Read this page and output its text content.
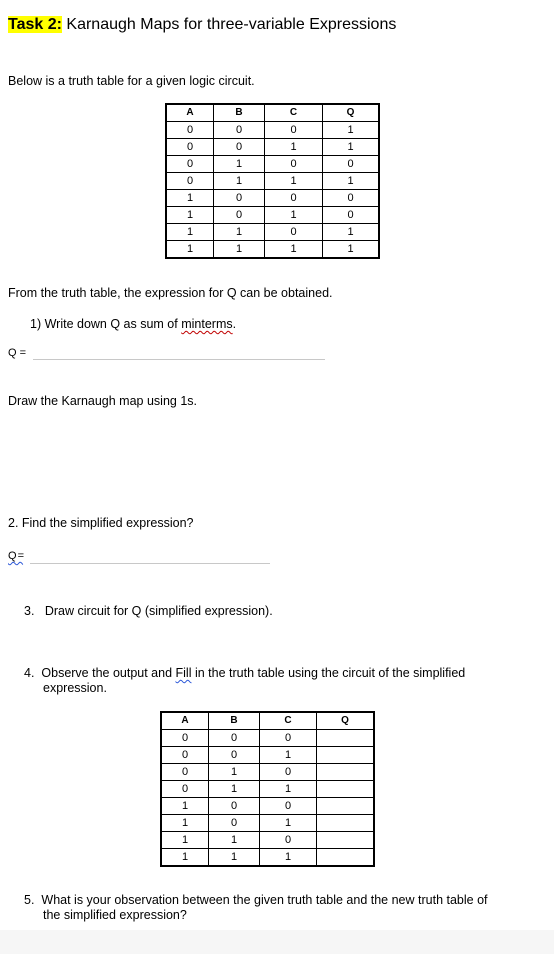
Task 2: Karnaugh Maps for three-variable Expressions
Below is a truth table for a given logic circuit.
A	B	C	Q
0	0	0	1
0	0	1	1
0	1	0	0
0	1	1	1
1	0	0	0
1	0	1	0
1	1	0	1
1	1	1	1
From the truth table, the expression for Q can be obtained.
1) Write down Q as sum of minterms.
Q =
Draw the Karnaugh map using 1s.
2. Find the simplified expression?
Q =
3. Draw circuit for Q (simplified expression).
4. Observe the output and Fill in the truth table using the circuit of the simplified
expression.
A	B	C	Q
0	0	0	
0	0	1	
0	1	0	
0	1	1	
1	0	0	
1	0	1	
1	1	0	
1	1	1	
5. What is your observation between the given truth table and the new truth table of
the simplified expression?
